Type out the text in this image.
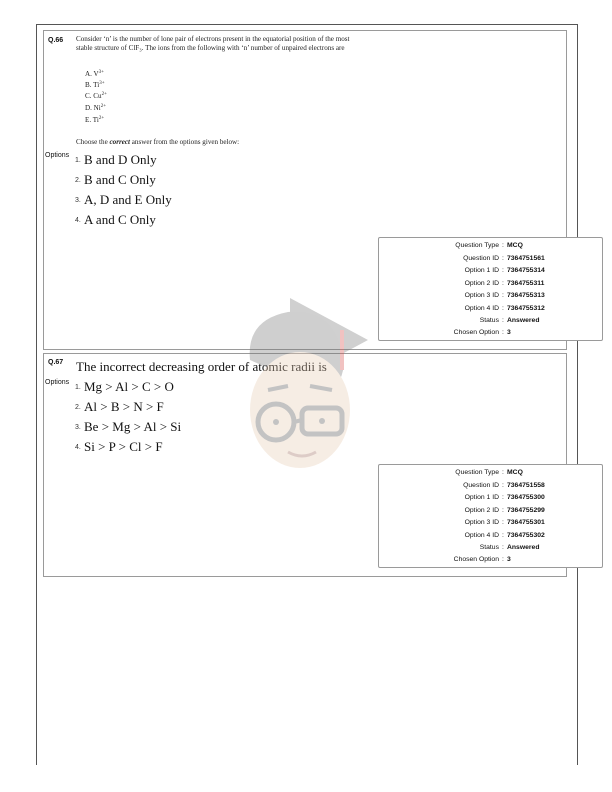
Q.66 Consider ‘n’ is the number of lone pair of electrons present in the equatorial position of the most
stable structure of ClF₃. The ions from the following with ‘n’ number of unpaired electrons are
A. $V^{3+}$
B. $Ti^{3+}$
C. $Cu^{2+}$
D. $Ni^{2+}$
E. $Ti^{2+}$
Choose the correct answer from the options given below:
Options
1. B and D Only
2. B and C Only
3. A, D and E Only
4. A and C Only
Question Type : MCQ
Question ID : 7364751561
Option 1 ID : 7364755314
Option 2 ID : 7364755311
Option 3 ID : 7364755313
Option 4 ID : 7364755312
Status : Answered
Chosen Option : 3
Q.67 The incorrect decreasing order of atomic radii is
Options
1. Mg > Al > C > O
2. Al > B > N > F
3. Be > Mg > Al > Si
4. Si > P > Cl > F
Question Type : MCQ
Question ID : 7364751558
Option 1 ID : 7364755300
Option 2 ID : 7364755299
Option 3 ID : 7364755301
Option 4 ID : 7364755302
Status : Answered
Chosen Option : 3
